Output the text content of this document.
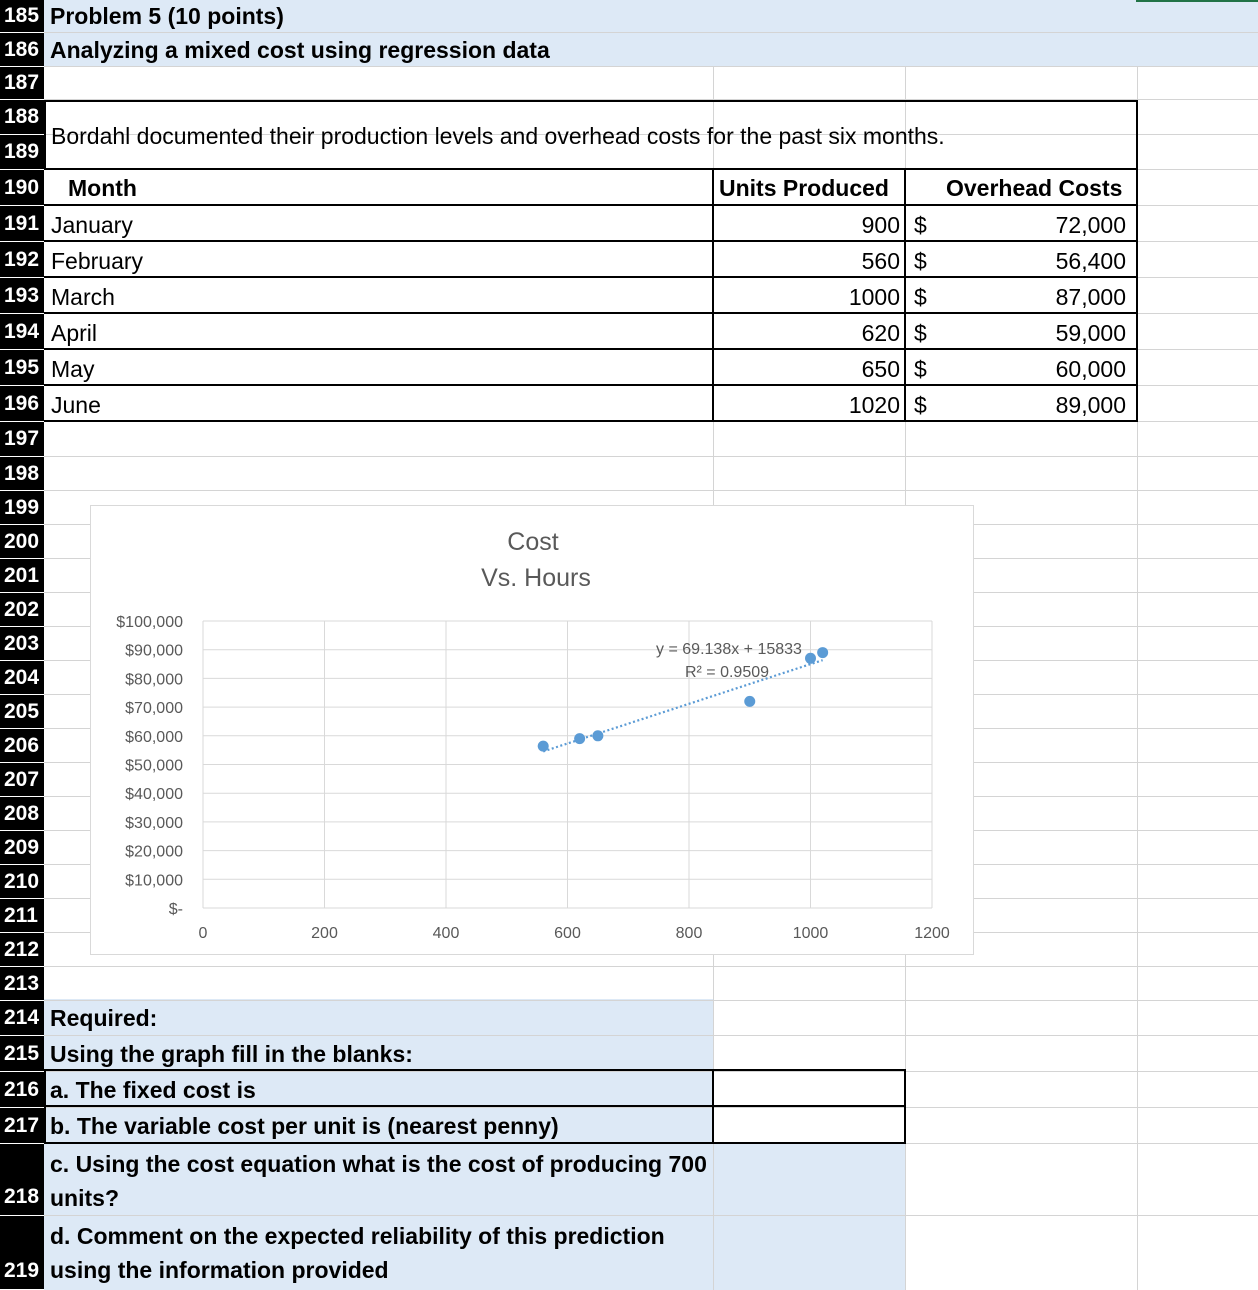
185
186
187
188
189
190
191
192
193
194
195
196
197
198
199
200
201
202
203
204
205
206
207
208
209
210
211
212
213
214
215
216
217
218
219
Problem 5 (10 points)
Analyzing a mixed cost using regression data
Bordahl documented their production levels and overhead costs for the past six months.
Month	Units Produced Overhead Costs
January	900 $	72,000
February	560 $	56,400
March	1000 $	87,000
April	620 $	59,000
May	650 $	60,000
June	1020 $	89,000
Cost
Vs. Hours
$-
$10,000
$20,000
$30,000
$40,000
$50,000
$60,000
$70,000
$80,000
$90,000
$100,000
0	200	400	600	800	1000	1200
y = 69.138x + 15833
R² = 0.9509
Required:
Using the graph fill in the blanks:
a. The fixed cost is
b. The variable cost per unit is (nearest penny)
c. Using the cost equation what is the cost of producing 700
units?
d. Comment on the expected reliability of this prediction
using the information provided
